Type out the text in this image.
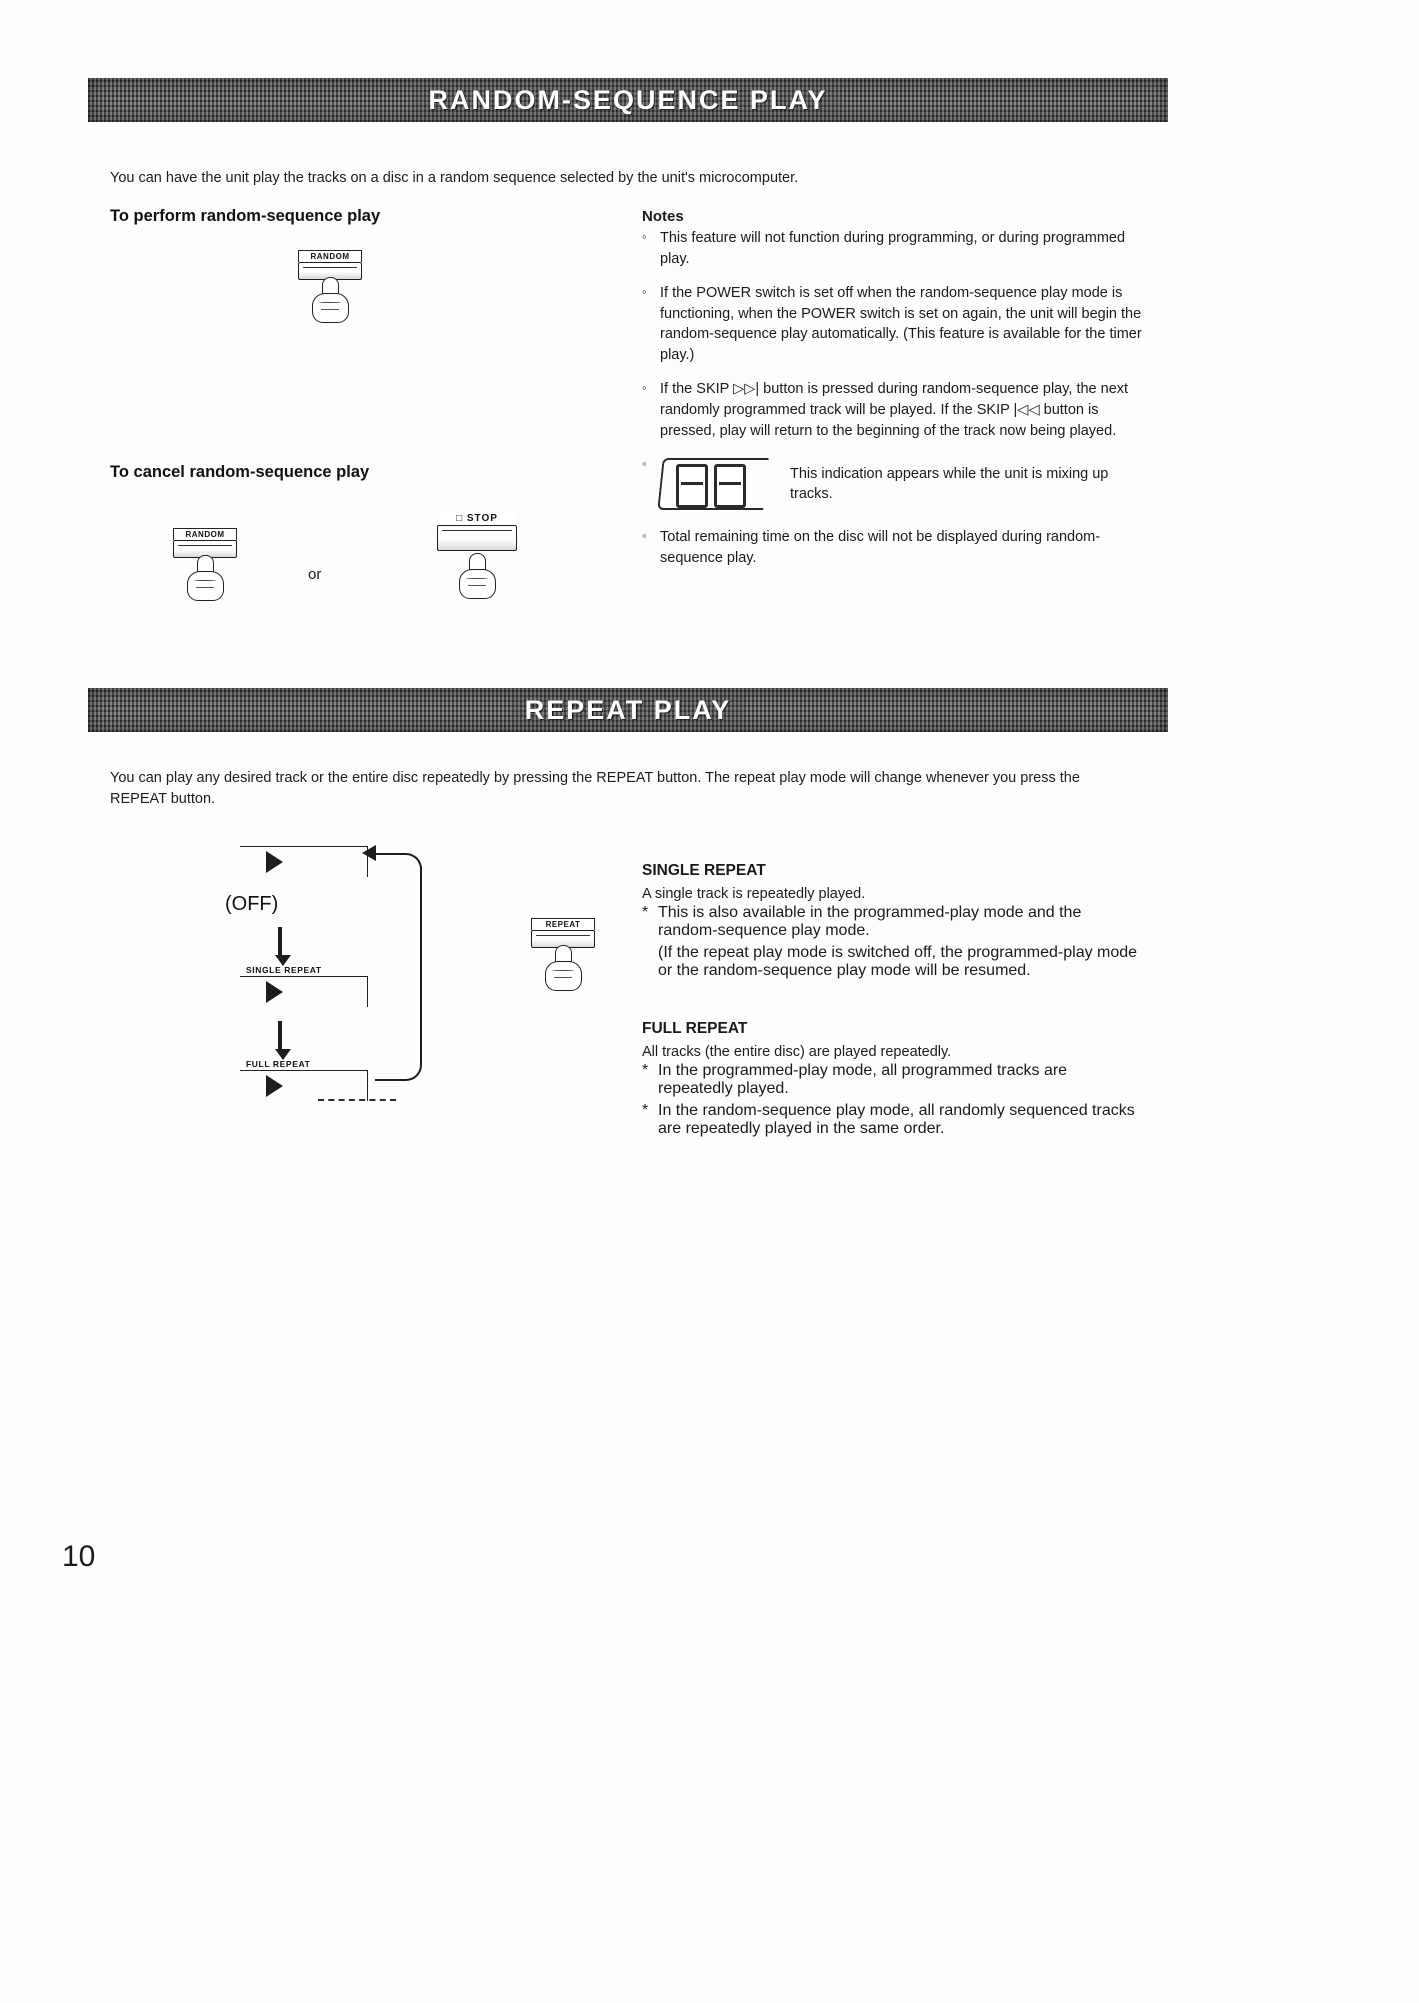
RANDOM-SEQUENCE PLAY
You can have the unit play the tracks on a disc in a random sequence selected by the unit's microcomputer.
To perform random-sequence play
RANDOM
To cancel random-sequence play
RANDOM
or
□ STOP
Notes
◦ This feature will not function during programming, or during programmed play.
◦ If the POWER switch is set off when the random-sequence play mode is functioning, when the POWER switch is set on again, the unit will begin the random-sequence play automatically. (This feature is available for the timer play.)
◦ If the SKIP ▷▷| button is pressed during random-sequence play, the next randomly programmed track will be played. If the SKIP |◁◁ button is pressed, play will return to the beginning of the track now being played.
◦
This indication appears while the unit is mixing up tracks.
◦ Total remaining time on the disc will not be displayed during random-sequence play.
REPEAT PLAY
You can play any desired track or the entire disc repeatedly by pressing the REPEAT button. The repeat play mode will change whenever you press the REPEAT button.
(OFF)
SINGLE REPEAT
FULL REPEAT
REPEAT
SINGLE REPEAT
A single track is repeatedly played.
* This is also available in the programmed-play mode and the random-sequence play mode.
(If the repeat play mode is switched off, the programmed-play mode or the random-sequence play mode will be resumed.
FULL REPEAT
All tracks (the entire disc) are played repeatedly.
* In the programmed-play mode, all programmed tracks are repeatedly played.
* In the random-sequence play mode, all randomly sequenced tracks are repeatedly played in the same order.
10
